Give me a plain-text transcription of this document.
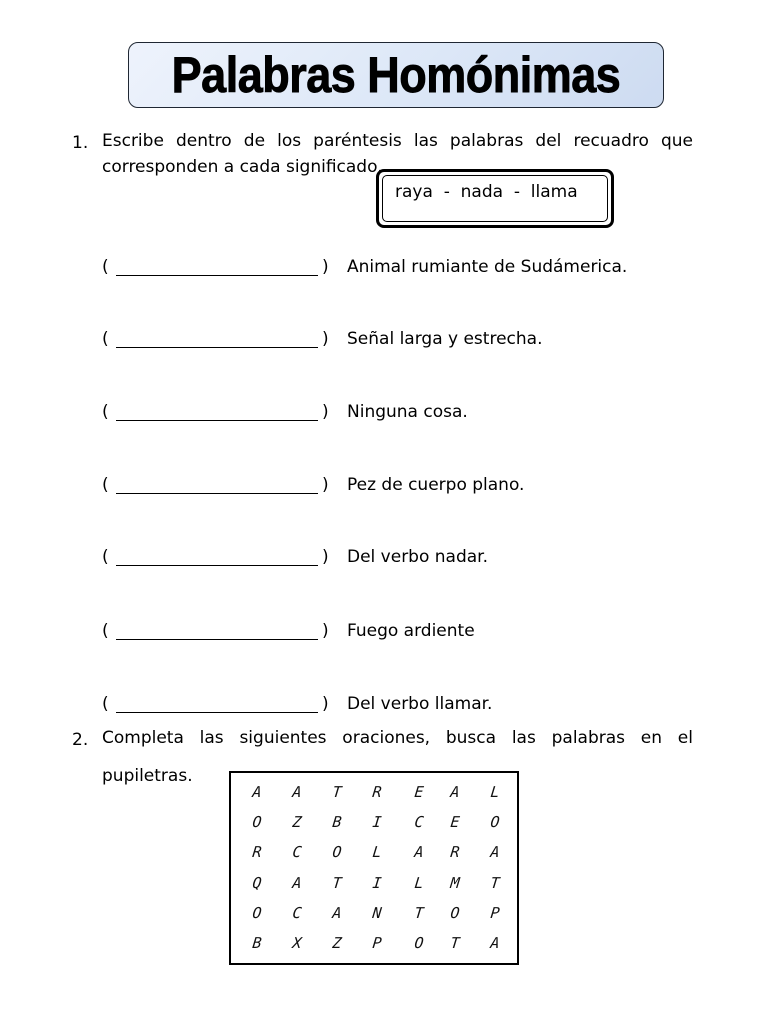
Palabras Homónimas
1. Escribe dentro de los paréntesis las palabras del recuadro que
corresponden a cada significado.
raya  -  nada  -  llama
(	) Animal rumiante de Sudámerica.
(	) Señal larga y estrecha.
(	) Ninguna cosa.
(	) Pez de cuerpo plano.
(	) Del verbo nadar.
(	) Fuego ardiente
(	) Del verbo llamar.
2. Completa las siguientes oraciones, busca las palabras en el
pupiletras.
A	A	T	R	E	A	L
O	Z	B	I	C	E	O
R	C	O	L	A	R	A
Q	A	T	I	L	M	T
O	C	A	N	T	O	P
B	X	Z	P	O	T	A
